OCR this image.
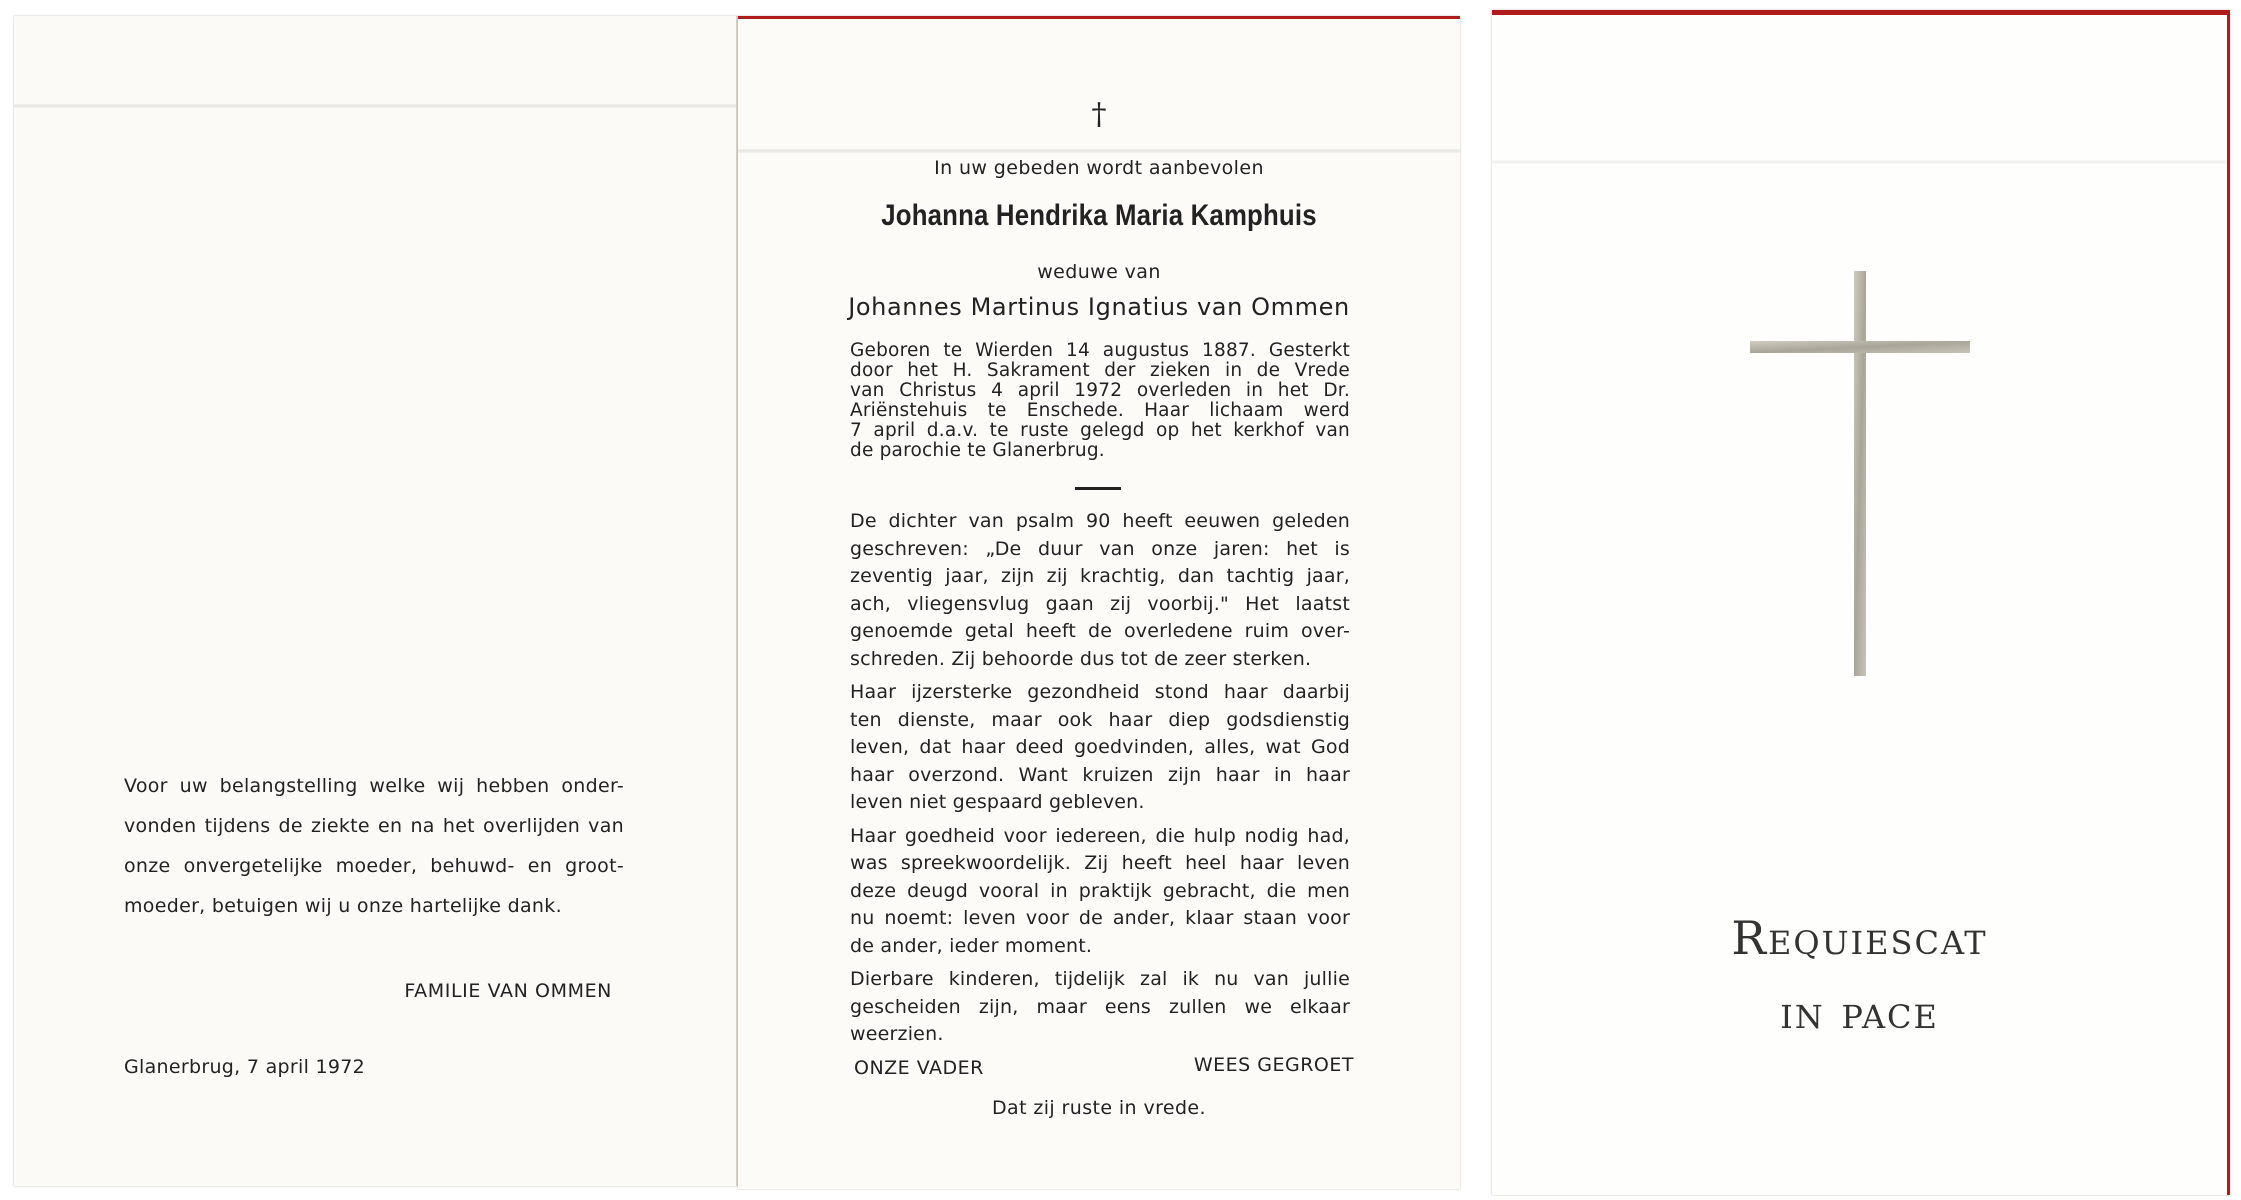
Voor uw belangstelling welke wij hebben onder-
vonden tijdens de ziekte en na het overlijden van
onze onvergetelijke moeder, behuwd- en groot-
moeder, betuigen wij u onze hartelijke dank.
FAMILIE VAN OMMEN
Glanerbrug, 7 april 1972
†
In uw gebeden wordt aanbevolen
Johanna Hendrika Maria Kamphuis
weduwe van
Johannes Martinus Ignatius van Ommen
Geboren te Wierden 14 augustus 1887. Gesterkt
door het H. Sakrament der zieken in de Vrede
van Christus 4 april 1972 overleden in het Dr.
Ariënstehuis te Enschede. Haar lichaam werd
7 april d.a.v. te ruste gelegd op het kerkhof van
de parochie te Glanerbrug.
De dichter van psalm 90 heeft eeuwen geleden
geschreven: „De duur van onze jaren: het is
zeventig jaar, zijn zij krachtig, dan tachtig jaar,
ach, vliegensvlug gaan zij voorbij." Het laatst
genoemde getal heeft de overledene ruim over-
schreden. Zij behoorde dus tot de zeer sterken.
Haar ijzersterke gezondheid stond haar daarbij
ten dienste, maar ook haar diep godsdienstig
leven, dat haar deed goedvinden, alles, wat God
haar overzond. Want kruizen zijn haar in haar
leven niet gespaard gebleven.
Haar goedheid voor iedereen, die hulp nodig had,
was spreekwoordelijk. Zij heeft heel haar leven
deze deugd vooral in praktijk gebracht, die men
nu noemt: leven voor de ander, klaar staan voor
de ander, ieder moment.
Dierbare kinderen, tijdelijk zal ik nu van jullie
gescheiden zijn, maar eens zullen we elkaar
weerzien.
ONZE VADER	WEES GEGROET
Dat zij ruste in vrede.
Requiescat
in pace
